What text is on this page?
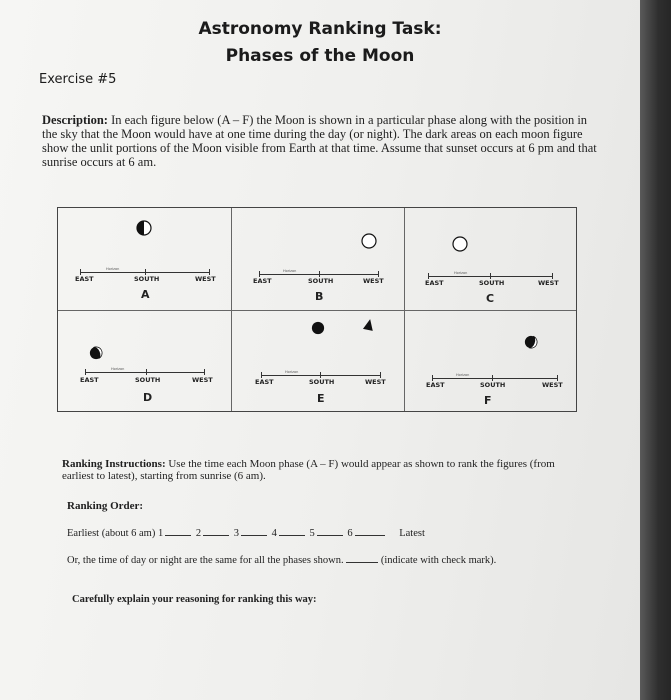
Astronomy Ranking Task:
Phases of the Moon
Exercise #5
Description: In each figure below (A – F) the Moon is shown in a particular phase along with the position in the sky that the Moon would have at one time during the day (or night). The dark areas on each moon figure show the unlit portions of the Moon visible from Earth at that time. Assume that sunset occurs at 6 pm and that sunrise occurs at 6 am.
Horizon
EAST	SOUTH	WEST
A
Horizon
EAST	SOUTH	WEST
B
Horizon
EAST	SOUTH	WEST
C
Horizon
EAST	SOUTH	WEST
D
Horizon
EAST	SOUTH	WEST
E
Horizon
EAST	SOUTH	WEST
F
Ranking Instructions: Use the time each Moon phase (A – F) would appear as shown to rank the figures (from earliest to latest), starting from sunrise (6 am).
Ranking Order:
Earliest (about 6 am) 1	2	3	4	5	6	Latest
Or, the time of day or night are the same for all the phases shown.	(indicate with check mark).
Carefully explain your reasoning for ranking this way:
